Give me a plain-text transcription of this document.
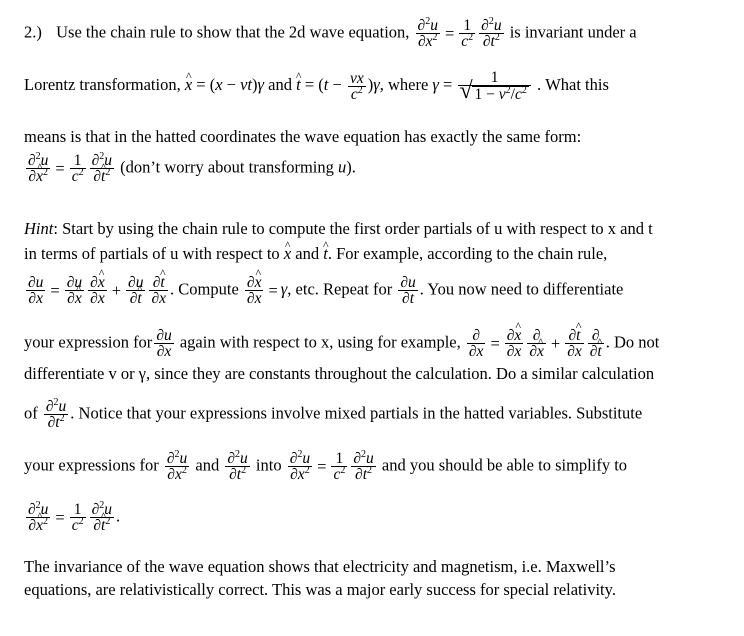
2.) Use the chain rule to show that the 2d wave equation, $\frac{\partial^2u}{\partial x^2} = \frac{1}{c^2} \frac{\partial^2u}{\partial t^2}$ is invariant under a
Lorentz transformation, ^ x = (x − vt)γ and ^ $t = (t - \frac{vx}{c^2} )\gamma$, where γ = 1
√ $1 - v^2/c^2$ . What this
means is that in the hatted coordinates the wave equation has exactly the same form:
$\frac{\partial^2u}{\partial\^{} x^2} = \frac{1}{c^2} \frac{\partial^2u}{\partial\^{} t^2}$ (don’t worry about transforming u).
Hint: Start by using the chain rule to compute the first order partials of u with respect to x and t
in terms of partials of u with respect to ^ x and ^ t. For example, according to the chain rule,
$\frac{\partial u}{\partial x} = \frac{\partial u}{\partial\^{} x} \frac{\partial\^{} x}{\partial x} + \frac{\partial u}{\partial\^{} t} \frac{\partial\^{} t}{\partial x}$ . Compute $\frac{\partial\^{} x}{\partial x} = \gamma$, etc. Repeat for $\frac{\partial u}{\partial t}$ . You now need to differentiate
your expression for $\frac{\partial u}{\partial x}$ again with respect to x, using for example, $\frac{\partial}{\partial x} = \frac{\partial\^{} x}{\partial x} \frac{\partial}{\partial\^{} x} + \frac{\partial\^{} t}{\partial x} \frac{\partial}{\partial\^{} t}$ . Do not
differentiate v or γ, since they are constants throughout the calculation. Do a similar calculation
of $\frac{\partial^2u}{\partial t^2}$ . Notice that your expressions involve mixed partials in the hatted variables. Substitute
your expressions for $\frac{\partial^2u}{\partial x^2}$ and $\frac{\partial^2u}{\partial t^2}$ into $\frac{\partial^2u}{\partial x^2} = \frac{1}{c^2} \frac{\partial^2u}{\partial t^2}$ and you should be able to simplify to
$\frac{\partial^2u}{\partial\^{} x^2} = \frac{1}{c^2} \frac{\partial^2u}{\partial\^{} t^2}$ .
The invariance of the wave equation shows that electricity and magnetism, i.e. Maxwell’s
equations, are relativistically correct. This was a major early success for special relativity.
